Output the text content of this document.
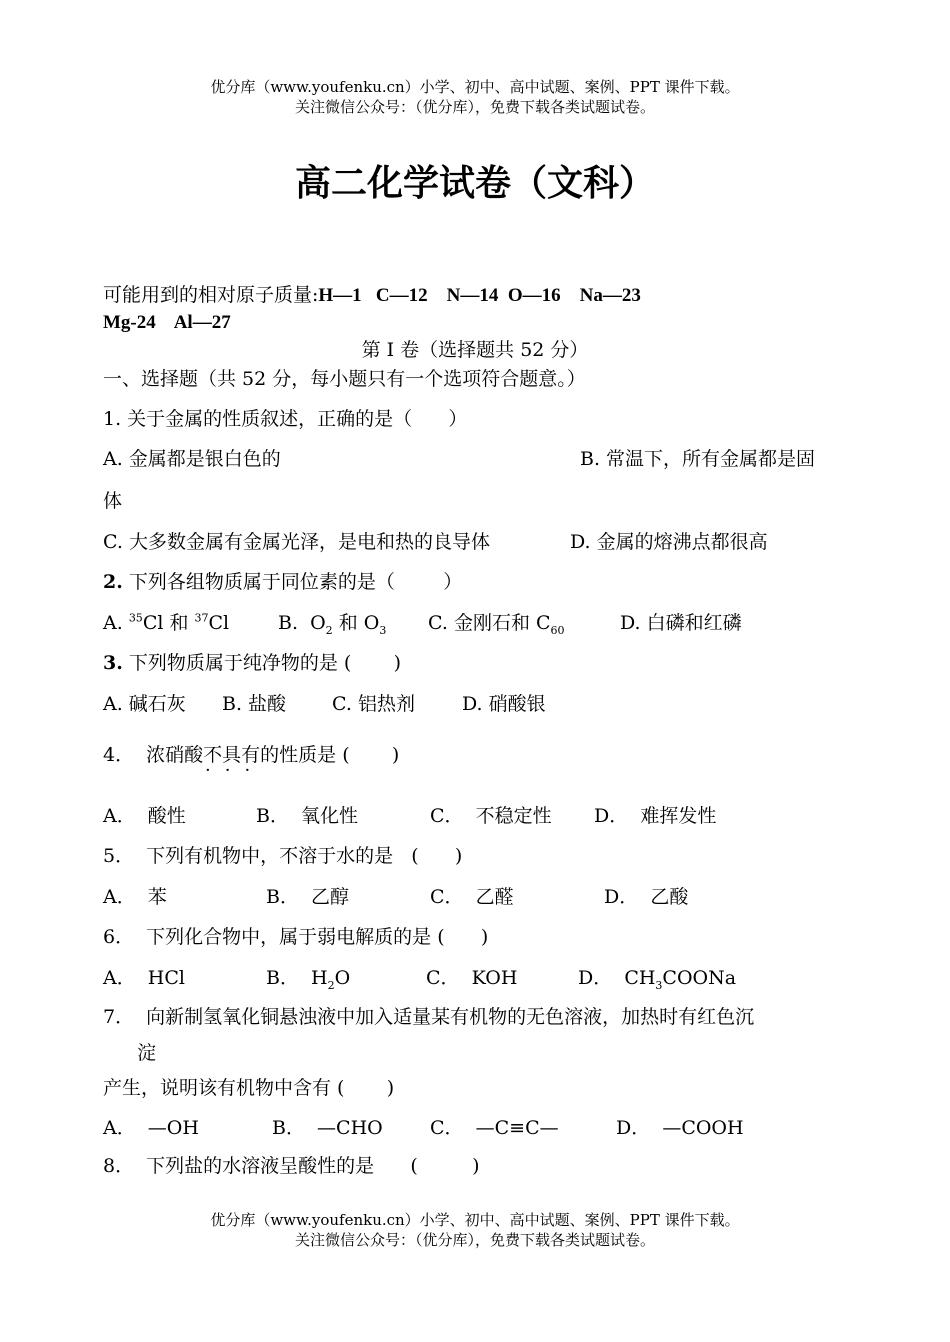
优分库（www.youfenku.cn）小学、初中、高中试题、案例、PPT 课件下载。
关注微信公众号：（优分库），免费下载各类试题试卷。
高二化学试卷（文科）
可能用到的相对原子质量:H—1   C—12    N—14  O—16    Na—23
Mg-24    Al—27
第 I 卷（选择题共 52 分）
一、选择题（共 52 分，每小题只有一个选项符合题意。）
1. 关于金属的性质叙述，正确的是（      ）
A. 金属都是银白色的	B. 常温下，所有金属都是固
体
C. 大多数金属有金属光泽，是电和热的良导体	D. 金属的熔沸点都很高
2. 下列各组物质属于同位素的是（        ）
A. $^{35}$Cl 和 $^{37}$Cl	B.  $O_2$ 和 $O_3$ C. 金刚石和 $C_{60}$	D. 白磷和红磷
3. 下列物质属于纯净物的是 (       )
A. 碱石灰 B. 盐酸 C. 铝热剂 D. 硝酸银
4．  浓硝酸不具有的性质是 (       )
···
A．  酸性	B．  氧化性	C．  不稳定性 D．  难挥发性
5．  下列有机物中，不溶于水的是   (      )
A．  苯	B．  乙醇	C．  乙醛	D．  乙酸
6．  下列化合物中，属于弱电解质的是 (      )
A．  HCl	B．  $H_2O$	C．  KOH	D．  $CH_3COONa$
7．  向新制氢氧化铜悬浊液中加入适量某有机物的无色溶液，加热时有红色沉
淀
产生，说明该有机物中含有 (       )
A．  —OH	B．  —CHO C．  —C≡C—	D．  —COOH
8．  下列盐的水溶液呈酸性的是      (         )
优分库（www.youfenku.cn）小学、初中、高中试题、案例、PPT 课件下载。
关注微信公众号：（优分库），免费下载各类试题试卷。
